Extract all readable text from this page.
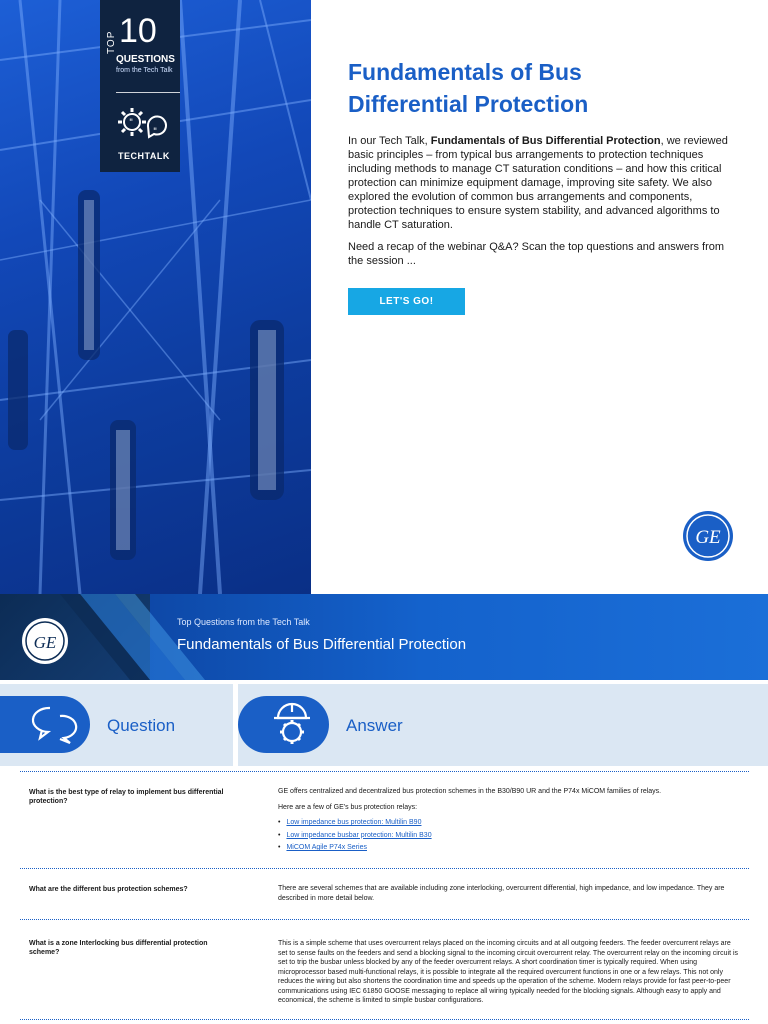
TOP 10
QUESTIONS
from the Tech Talk
"
"
TECHTALK
Fundamentals of Bus
Differential Protection

In our Tech Talk, Fundamentals of Bus Differential Protection, we reviewed basic principles – from typical bus arrangements to protection techniques including methods to manage CT saturation conditions – and how this critical protection can minimize equipment damage, improving site safety. We also explored the evolution of common bus arrangements and components, protection techniques to ensure system stability, and advanced algorithms to handle CT saturation.

Need a recap of the webinar Q&A? Scan the top questions and answers from the session ...

LET'S GO!
GE
GE
Top Questions from the Tech Talk
Fundamentals of Bus Differential Protection
Question	Answer
What is the best type of relay to implement bus differential protection?

GE offers centralized and decentralized bus protection schemes in the B30/B90 UR and the P74x MiCOM families of relays.

Here are a few of GE's bus protection relays:

• Low impedance bus protection: Multilin B90
• Low impedance busbar protection: Multilin B30
• MiCOM Agile P74x Series
What are the different bus protection schemes?	There are several schemes that are available including zone interlocking, overcurrent differential, high impedance, and low impedance. They are described in more detail below.

What is a zone Interlocking bus differential protection scheme?

This is a simple scheme that uses overcurrent relays placed on the incoming circuits and at all outgoing feeders. The feeder overcurrent relays are set to sense faults on the feeders and send a blocking signal to the incoming circuit overcurrent relay. The overcurrent relay on the incoming circuit is set to trip the busbar unless blocked by any of the feeder overcurrent relays. A short coordination timer is typically required. When using microprocessor based multi-functional relays, it is possible to integrate all the required overcurrent functions in one or a few relays. This not only reduces the wiring but also shortens the coordination time and speeds up the operation of the scheme. Modern relays provide for fast peer-to-peer communications using IEC 61850 GOOSE messaging to replace all wiring typically needed for the blocking signals. Although easy to apply and economical, the scheme is limited to simple busbar configurations.
